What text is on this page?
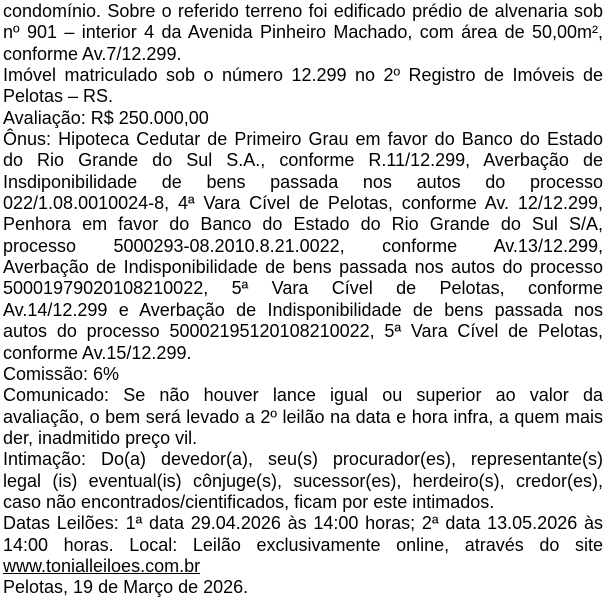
condomínio. Sobre o referido terreno foi edificado prédio de alvenaria sob
nº 901 – interior 4 da Avenida Pinheiro Machado, com área de 50,00m²,
conforme Av.7/12.299.
Imóvel matriculado sob o número 12.299 no 2º Registro de Imóveis de
Pelotas – RS.
Avaliação: R$ 250.000,00
Ônus: Hipoteca Cedutar de Primeiro Grau em favor do Banco do Estado
do Rio Grande do Sul S.A., conforme R.11/12.299, Averbação de
Insdiponibilidade de bens passada nos autos do processo
022/1.08.0010024-8, 4ª Vara Cível de Pelotas, conforme Av. 12/12.299,
Penhora em favor do Banco do Estado do Rio Grande do Sul S/A,
processo 5000293-08.2010.8.21.0022, conforme Av.13/12.299,
Averbação de Indisponibilidade de bens passada nos autos do processo
50001979020108210022, 5ª Vara Cível de Pelotas, conforme
Av.14/12.299 e Averbação de Indisponibilidade de bens passada nos
autos do processo 50002195120108210022, 5ª Vara Cível de Pelotas,
conforme Av.15/12.299.
Comissão: 6%
Comunicado: Se não houver lance igual ou superior ao valor da
avaliação, o bem será levado a 2º leilão na data e hora infra, a quem mais
der, inadmitido preço vil.
Intimação: Do(a) devedor(a), seu(s) procurador(es), representante(s)
legal (is) eventual(is) cônjuge(s), sucessor(es), herdeiro(s), credor(es),
caso não encontrados/cientificados, ficam por este intimados.
Datas Leilões: 1ª data 29.04.2026 às 14:00 horas; 2ª data 13.05.2026 às
14:00 horas. Local: Leilão exclusivamente online, através do site
www.tonialleiloes.com.br
Pelotas, 19 de Março de 2026.
